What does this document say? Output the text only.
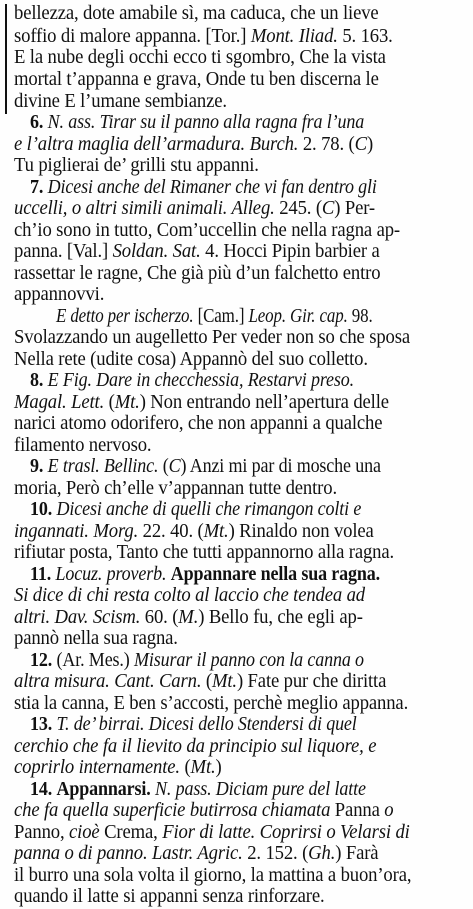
bellezza, dote amabile sì, ma caduca, che un lieve
soffio di malore appanna. [Tor.] Mont. Iliad. 5. 163.
E la nube degli occhi ecco ti sgombro, Che la vista
mortal t’appanna e grava, Onde tu ben discerna le
divine E l’umane sembianze.
6. N. ass. Tirar su il panno alla ragna fra l’una
e l’altra maglia dell’armadura. Burch. 2. 78. (C)
Tu piglierai de’ grilli stu appanni.
7. Dicesi anche del Rimaner che vi fan dentro gli
uccelli, o altri simili animali. Alleg. 245. (C) Per-
ch’io sono in tutto, Com’uccellin che nella ragna ap-
panna. [Val.] Soldan. Sat. 4. Hocci Pipin barbier a
rassettar le ragne, Che già più d’un falchetto entro
appannovvi.
E detto per ischerzo. [Cam.] Leop. Gir. cap. 98.
Svolazzando un augelletto Per veder non so che sposa
Nella rete (udite cosa) Appannò del suo colletto.
8. E Fig. Dare in checchessia, Restarvi preso.
Magal. Lett. (Mt.) Non entrando nell’apertura delle
narici atomo odorifero, che non appanni a qualche
filamento nervoso.
9. E trasl. Bellinc. (C) Anzi mi par di mosche una
moria, Però ch’elle v’appannan tutte dentro.
10. Dicesi anche di quelli che rimangon colti e
ingannati. Morg. 22. 40. (Mt.) Rinaldo non volea
rifiutar posta, Tanto che tutti appannorno alla ragna.
11. Locuz. proverb. Appannare nella sua ragna.
Si dice di chi resta colto al laccio che tendea ad
altri. Dav. Scism. 60. (M.) Bello fu, che egli ap-
pannò nella sua ragna.
12. (Ar. Mes.) Misurar il panno con la canna o
altra misura. Cant. Carn. (Mt.) Fate pur che diritta
stia la canna, E ben s’accosti, perchè meglio appanna.
13. T. de’ birrai. Dicesi dello Stendersi di quel
cerchio che fa il lievito da principio sul liquore, e
coprirlo internamente. (Mt.)
14. Appannarsi. N. pass. Diciam pure del latte
che fa quella superficie butirrosa chiamata Panna o
Panno, cioè Crema, Fior di latte. Coprirsi o Velarsi di
panna o di panno. Lastr. Agric. 2. 152. (Gh.) Farà
il burro una sola volta il giorno, la mattina a buon’ora,
quando il latte si appanni senza rinforzare.
